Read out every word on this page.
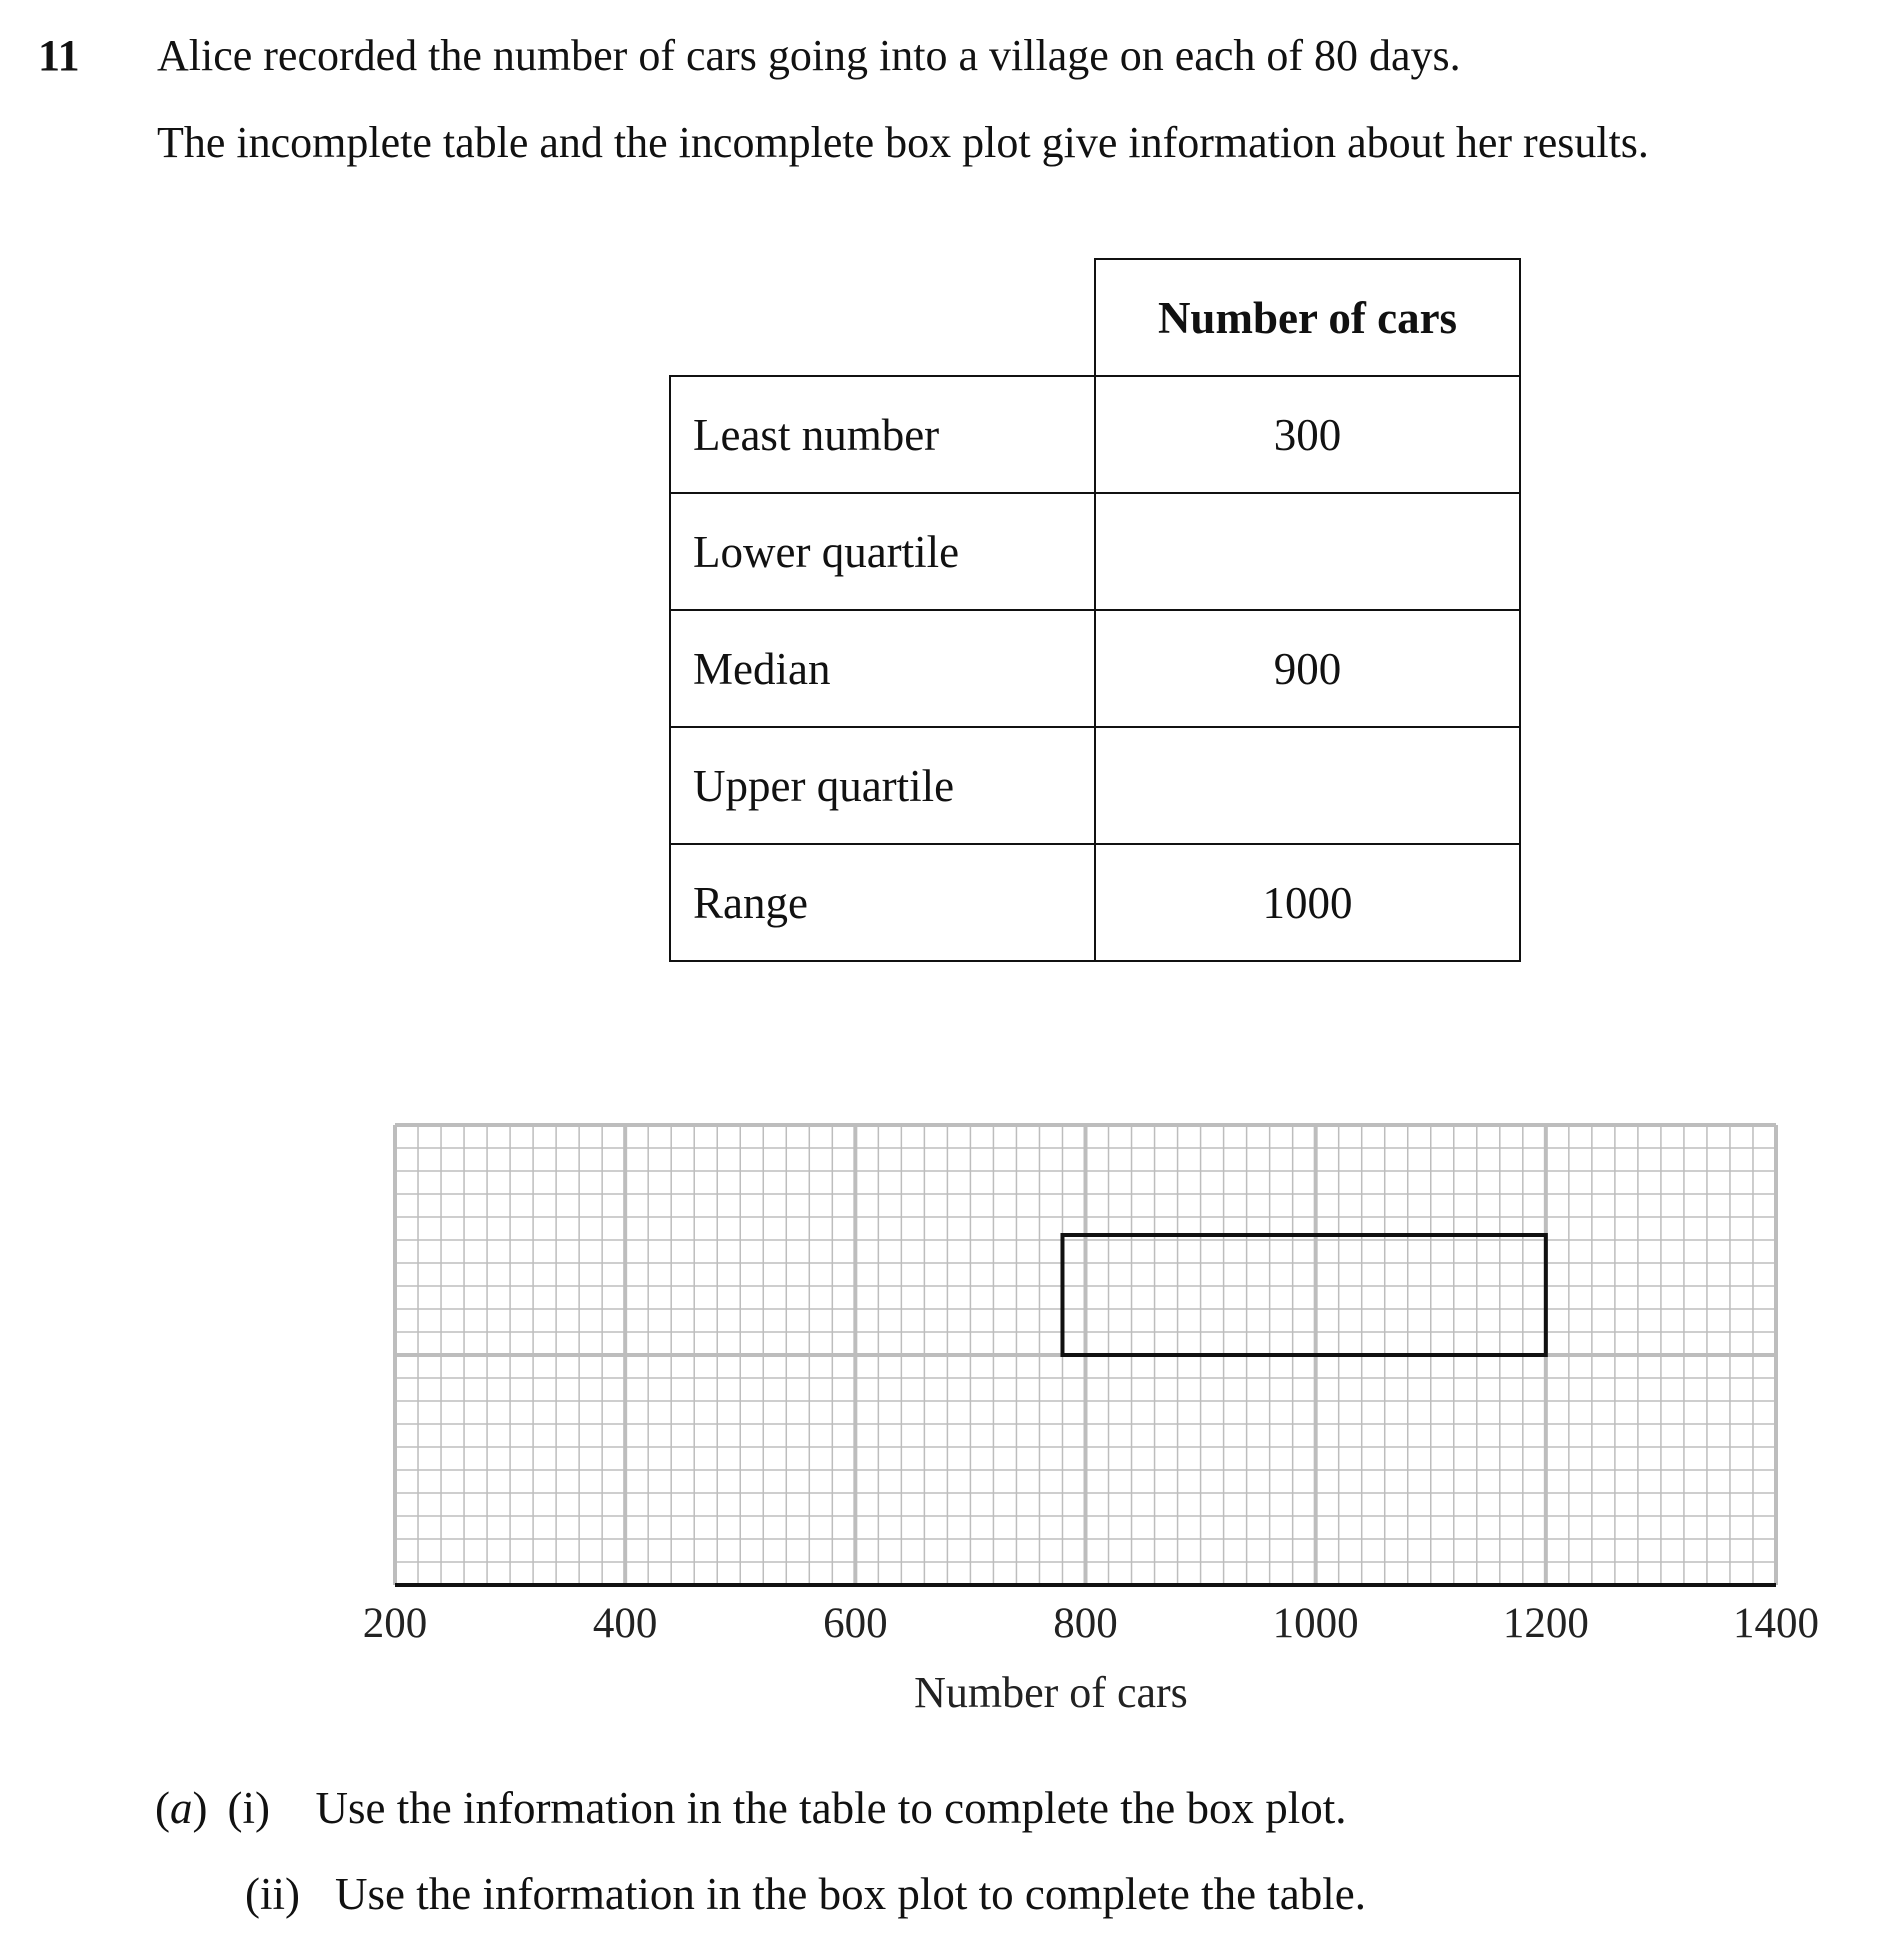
11 Alice recorded the number of cars going into a village on each of 80 days.
The incomplete table and the incomplete box plot give information about her results.
	Number of cars
Least number	300
Lower quartile	
Median	900
Upper quartile	
Range	1000
200	400	600	800	1000	1200	1400
Number of cars
(a) (i) Use the information in the table to complete the box plot.
(ii) Use the information in the box plot to complete the table.
